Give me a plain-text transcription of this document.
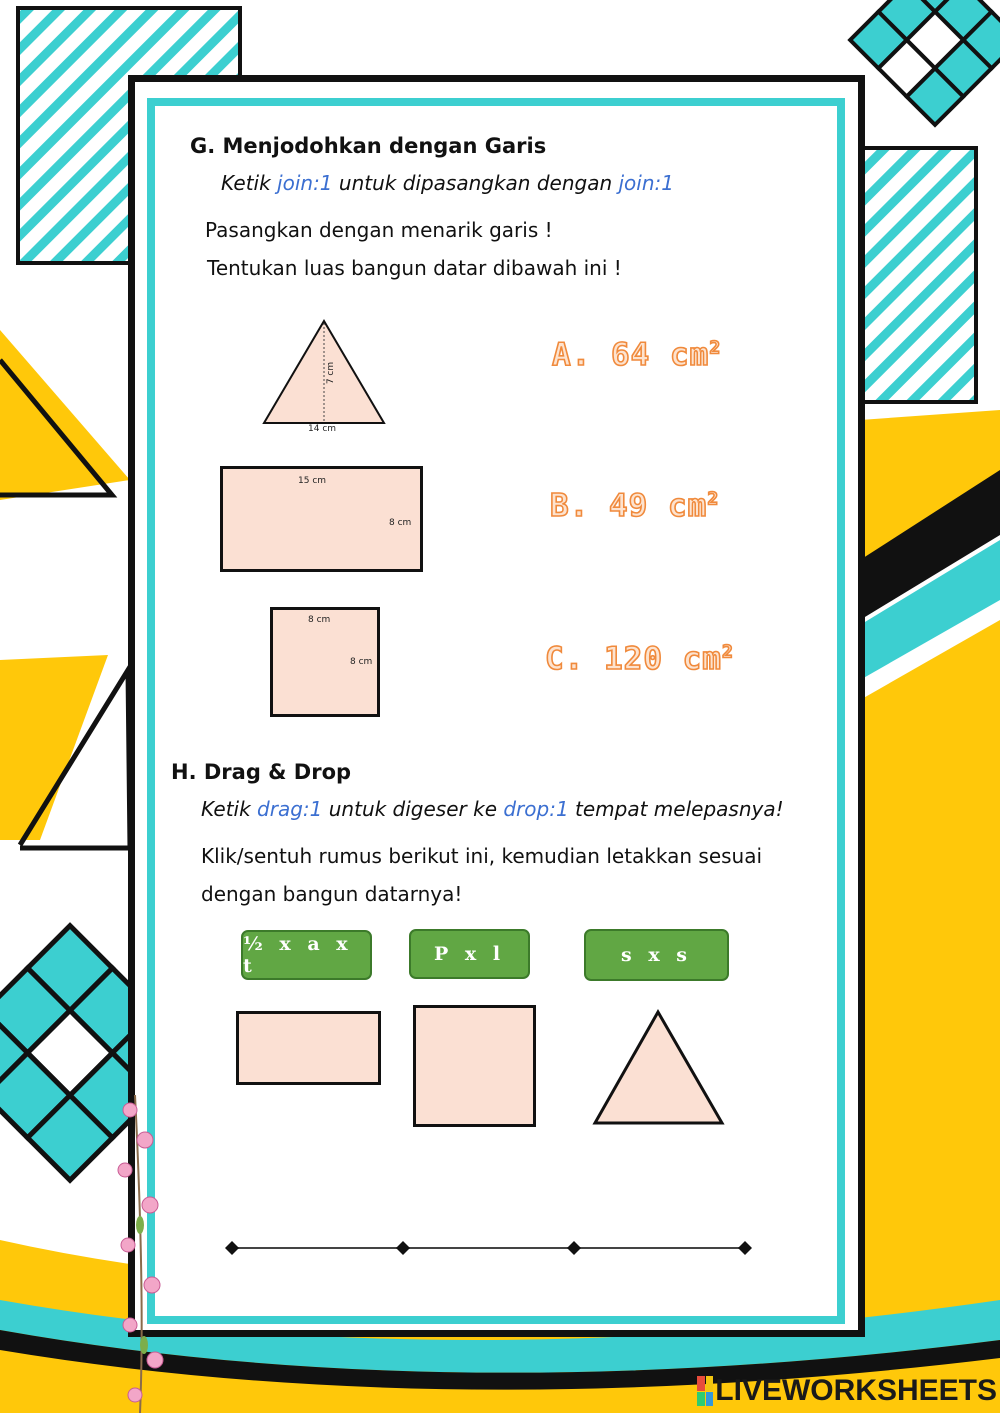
G. Menjodohkan dengan Garis
Ketik join:1 untuk dipasangkan dengan join:1
Pasangkan dengan menarik garis !
Tentukan luas bangun datar dibawah ini !
7 cm
14 cm
15 cm
8 cm
8 cm
8 cm
A. 64 $cm^2$
B. 49 $cm^2$
C. 120 $cm^2$
H. Drag & Drop
Ketik drag:1 untuk digeser ke drop:1 tempat melepasnya!
Klik/sentuh rumus berikut ini, kemudian letakkan sesuai
dengan bangun datarnya!
½ x a x t
P x l	s x s
LIVEWORKSHEETS
